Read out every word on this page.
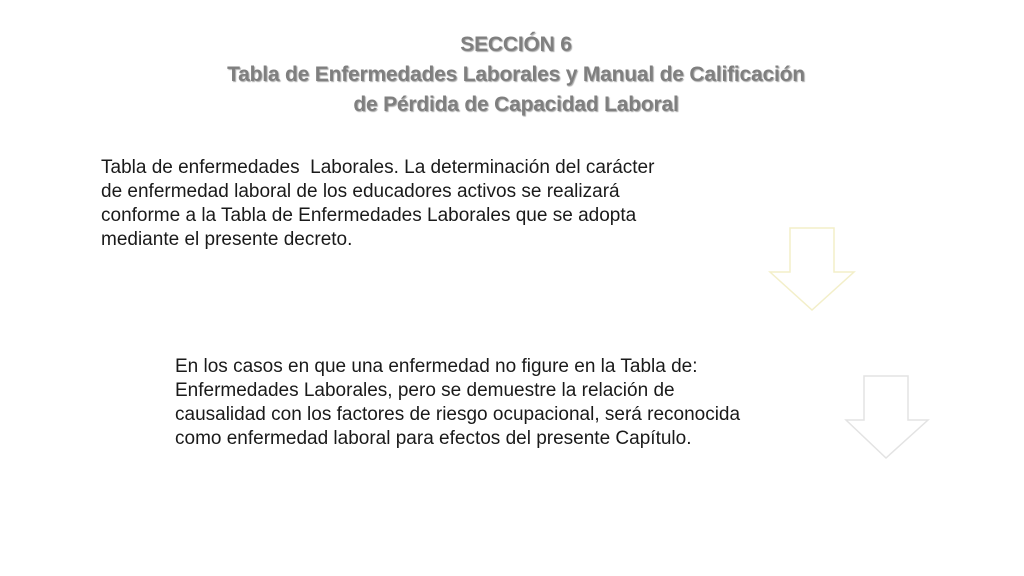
SECCIÓN 6
Tabla de Enfermedades Laborales y Manual de Calificación
de Pérdida de Capacidad Laboral
Tabla de enfermedades  Laborales. La determinación del carácter
de enfermedad laboral de los educadores activos se realizará
conforme a la Tabla de Enfermedades Laborales que se adopta
mediante el presente decreto.
En los casos en que una enfermedad no figure en la Tabla de:
Enfermedades Laborales, pero se demuestre la relación de
causalidad con los factores de riesgo ocupacional, será reconocida
como enfermedad laboral para efectos del presente Capítulo.
